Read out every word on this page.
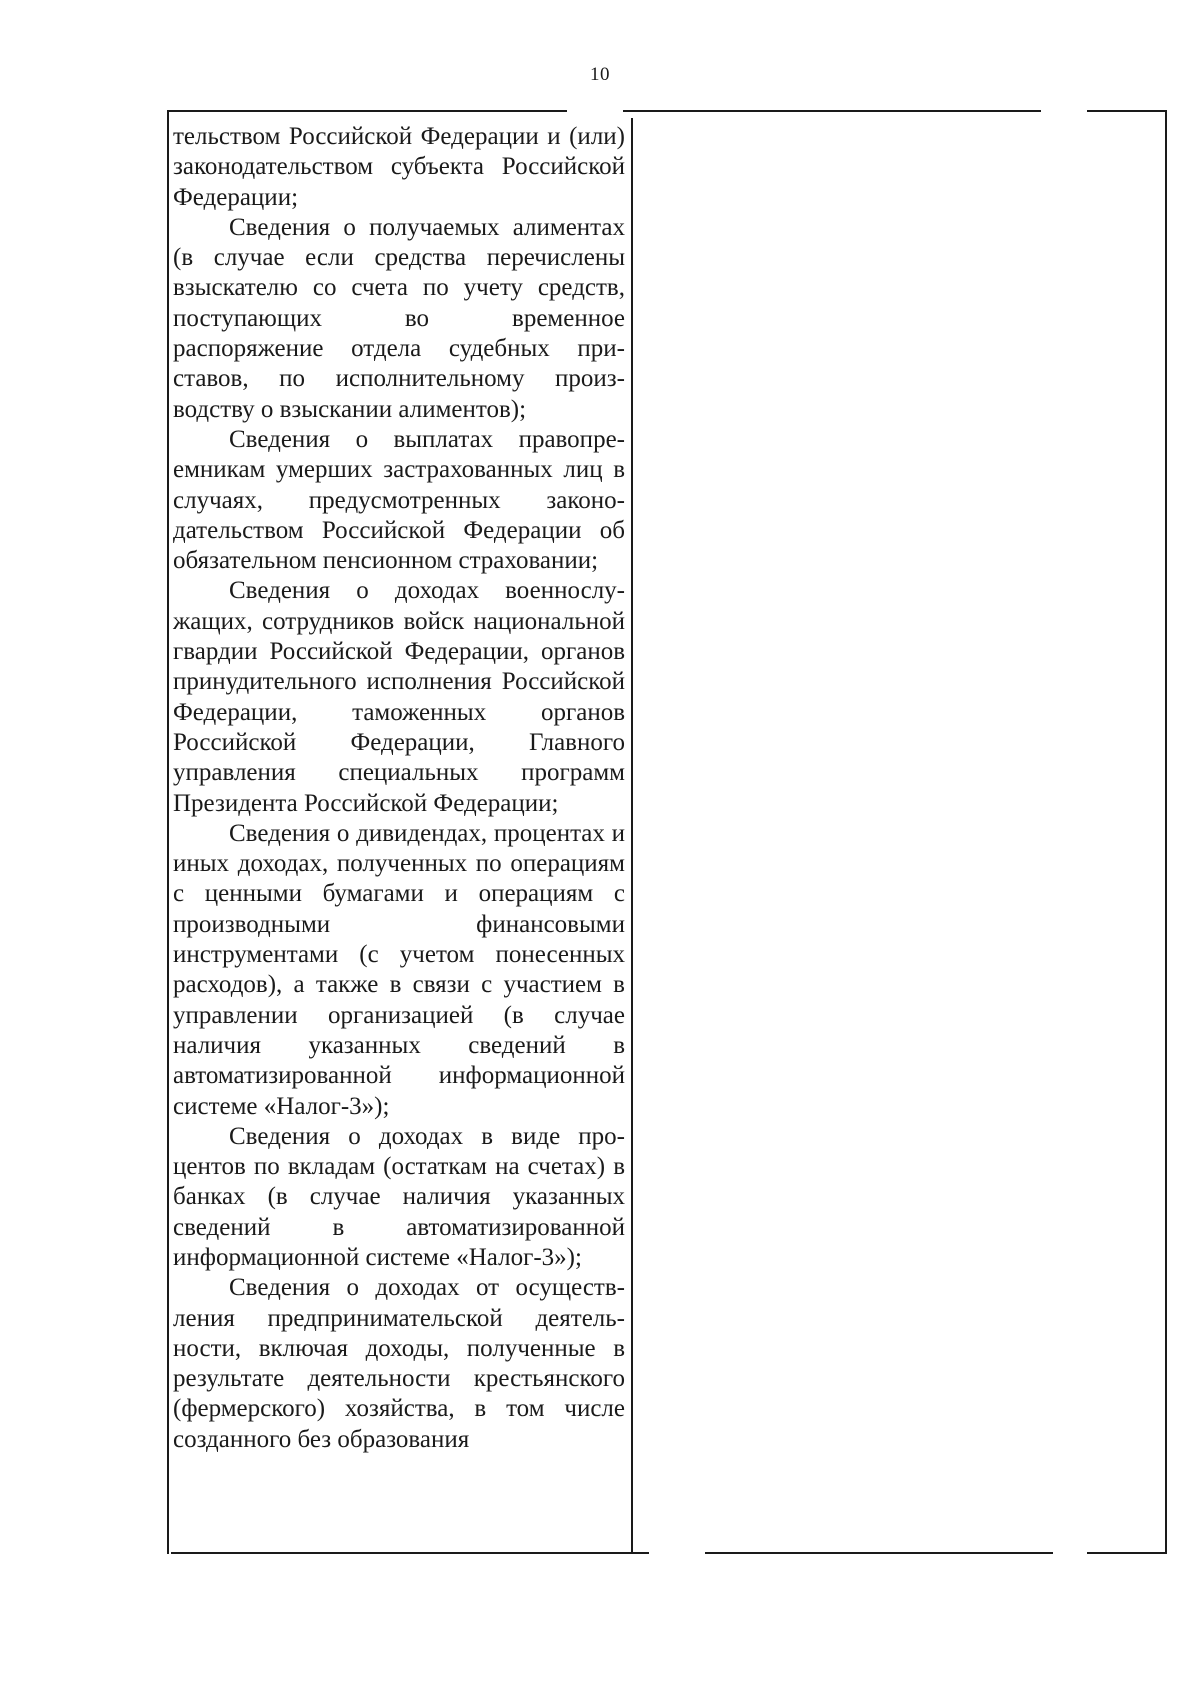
10

тельством Российской Федерации и (или) законодательством субъекта Российской Федерации;

Сведения о получаемых алиментах (в случае если средства перечислены взыскателю со счета по учету средств, поступающих во временное распоряжение отдела судебных приставов, по исполнительному производству о взыскании алиментов);

Сведения о выплатах правопреемникам умерших застрахованных лиц в случаях, предусмотренных законодательством Российской Федерации об обязательном пенсионном страховании;

Сведения о доходах военнослужащих, сотрудников войск национальной гвардии Российской Федерации, органов принудительного исполнения Российской Федерации, таможенных органов Российской Федерации, Главного управления специальных программ Президента Российской Федерации;

Сведения о дивидендах, процентах и иных доходах, полученных по операциям с ценными бумагами и операциям с производными финансовыми инструментами (с учетом понесенных расходов), а также в связи с участием в управлении организацией (в случае наличия указанных сведений в автоматизированной информационной системе «Налог-3»);

Сведения о доходах в виде процентов по вкладам (остаткам на счетах) в банках (в случае наличия указанных сведений в автоматизированной информационной системе «Налог-3»);

Сведения о доходах от осуществления предпринимательской деятельности, включая доходы, полученные в результате деятельности крестьянского (фермерского) хозяйства, в том числе созданного без образования
